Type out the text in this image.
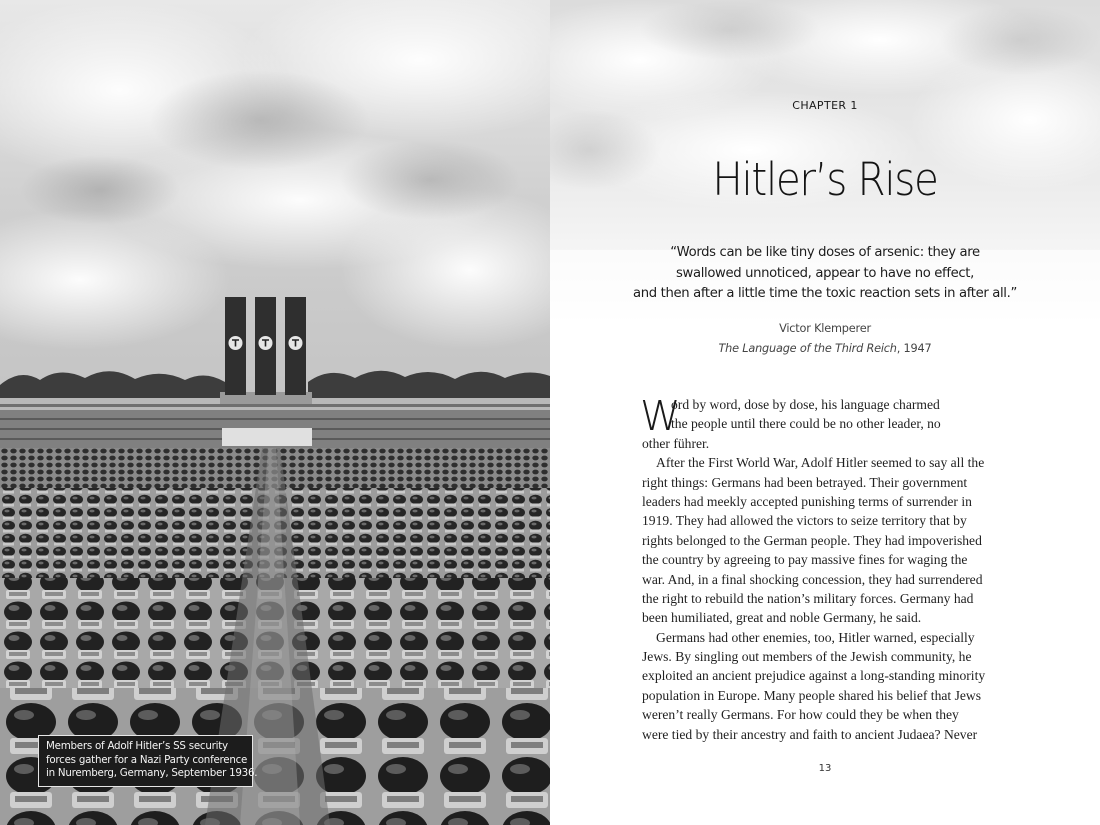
Members of Adolf Hitler’s SS security
forces gather for a Nazi Party conference
in Nuremberg, Germany, September 1936.
CHAPTER 1
Hitler’s Rise
“Words can be like tiny doses of arsenic: they are
swallowed unnoticed, appear to have no effect,
and then after a little time the toxic reaction sets in after all.”
Victor Klemperer
The Language of the Third Reich, 1947
W
ord by word, dose by dose, his language charmed
the people until there could be no other leader, no
other führer.
After the First World War, Adolf Hitler seemed to say all the
right things: Germans had been betrayed. Their government
leaders had meekly accepted punishing terms of surrender in
1919. They had allowed the victors to seize territory that by
rights belonged to the German people. They had impoverished
the country by agreeing to pay massive fines for waging the
war. And, in a final shocking concession, they had surrendered
the right to rebuild the nation’s military forces. Germany had
been humiliated, great and noble Germany, he said.
Germans had other enemies, too, Hitler warned, especially
Jews. By singling out members of the Jewish community, he
exploited an ancient prejudice against a long-standing minority
population in Europe. Many people shared his belief that Jews
weren’t really Germans. For how could they be when they
were tied by their ancestry and faith to ancient Judaea? Never
13
